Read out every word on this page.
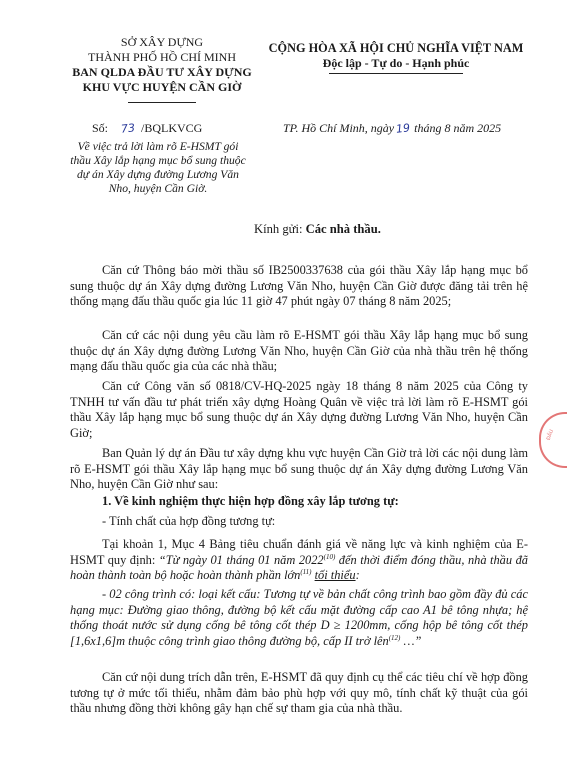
SỞ XÂY DỰNG
THÀNH PHỐ HỒ CHÍ MINH
BAN QLDA ĐẦU TƯ XÂY DỰNG
KHU VỰC HUYỆN CẦN GIỜ
CỘNG HÒA XÃ HỘI CHỦ NGHĨA VIỆT NAM
Độc lập - Tự do - Hạnh phúc
Số: 73 /BQLKVCG	TP. Hồ Chí Minh, ngày19 tháng 8 năm 2025
Về việc trả lời làm rõ E-HSMT gói
thầu Xây lắp hạng mục bổ sung thuộc
dự án Xây dựng đường Lương Văn
Nho, huyện Cần Giờ.
Kính gửi: Các nhà thầu.
Căn cứ Thông báo mời thầu số IB2500337638 của gói thầu Xây lắp hạng mục bổ sung thuộc dự án Xây dựng đường Lương Văn Nho, huyện Cần Giờ được đăng tải trên hệ thống mạng đấu thầu quốc gia lúc 11 giờ 47 phút ngày 07 tháng 8 năm 2025;
Căn cứ các nội dung yêu cầu làm rõ E-HSMT gói thầu Xây lắp hạng mục bổ sung thuộc dự án Xây dựng đường Lương Văn Nho, huyện Cần Giờ của nhà thầu trên hệ thống mạng đấu thầu quốc gia của các nhà thầu;
Căn cứ Công văn số 0818/CV-HQ-2025 ngày 18 tháng 8 năm 2025 của Công ty TNHH tư vấn đầu tư phát triển xây dựng Hoàng Quân về việc trả lời làm rõ E-HSMT gói thầu Xây lắp hạng mục bổ sung thuộc dự án Xây dựng đường Lương Văn Nho, huyện Cần Giờ;
Ban Quản lý dự án Đầu tư xây dựng khu vực huyện Cần Giờ trả lời các nội dung làm rõ E-HSMT gói thầu Xây lắp hạng mục bổ sung thuộc dự án Xây dựng đường Lương Văn Nho, huyện Cần Giờ như sau:
1. Về kinh nghiệm thực hiện hợp đồng xây lắp tương tự:
- Tính chất của hợp đồng tương tự:
Tại khoản 1, Mục 4 Bảng tiêu chuẩn đánh giá về năng lực và kinh nghiệm của E-HSMT quy định: “Từ ngày 01 tháng 01 năm 2022$^{(10)}$ đến thời điểm đóng thầu, nhà thầu đã hoàn thành toàn bộ hoặc hoàn thành phần lớn$^{(11)}$ tối thiểu:
- 02 công trình có: loại kết cấu: Tương tự về bản chất công trình bao gồm đầy đủ các hạng mục: Đường giao thông, đường bộ kết cấu mặt đường cấp cao A1 bê tông nhựa; hệ thống thoát nước sử dụng cống bê tông cốt thép D ≥ 1200mm, cống hộp bê tông cốt thép [1,6x1,6]m thuộc công trình giao thông đường bộ, cấp II trở lên$^{(12)}$ …”
Căn cứ nội dung trích dẫn trên, E-HSMT đã quy định cụ thể các tiêu chí về hợp đồng tương tự ở mức tối thiểu, nhằm đảm bảo phù hợp với quy mô, tính chất kỹ thuật của gói thầu nhưng đồng thời không gây hạn chế sự tham gia của nhà thầu.
ĐẦU
